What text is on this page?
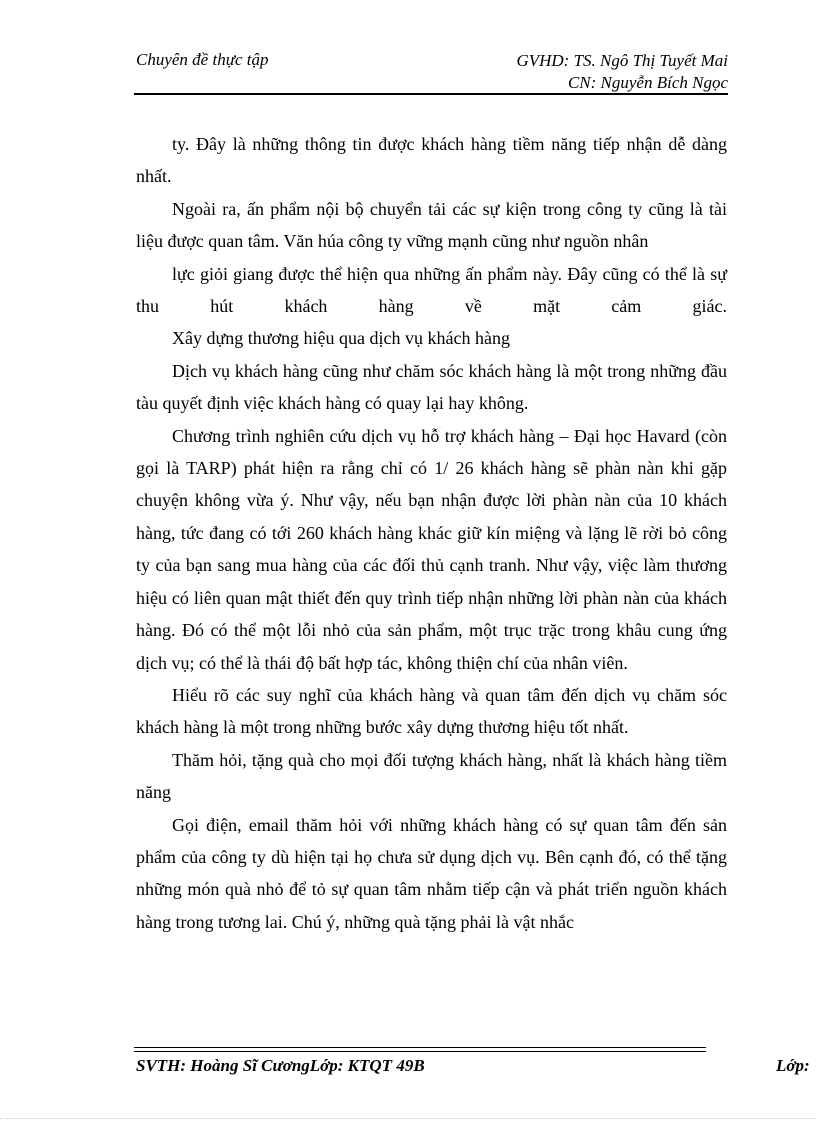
Chuyên đề thực tập	GVHD: TS. Ngô Thị Tuyết Mai
CN: Nguyễn Bích Ngọc

ty. Đây là những thông tin được khách hàng tiềm năng tiếp nhận dễ dàng nhất.

Ngoài ra, ấn phẩm nội bộ chuyển tải các sự kiện trong công ty cũng là tài liệu được quan tâm. Văn húa công ty vững mạnh cũng như nguồn nhân

lực giỏi giang được thể hiện qua những ấn phẩm này. Đây cũng có thể là sự thu hút khách hàng về mặt cảm giác.

Xây dựng thương hiệu qua dịch vụ khách hàng

Dịch vụ khách hàng cũng như chăm sóc khách hàng là một trong những đầu tàu quyết định việc khách hàng có quay lại hay không.

Chương trình nghiên cứu dịch vụ hỗ trợ khách hàng – Đại học Havard (còn gọi là TARP) phát hiện ra rằng chỉ có 1/ 26 khách hàng sẽ phàn nàn khi gặp chuyện không vừa ý. Như vậy, nếu bạn nhận được lời phàn nàn của 10 khách hàng, tức đang có tới 260 khách hàng khác giữ kín miệng và lặng lẽ rời bỏ công ty của bạn sang mua hàng của các đối thủ cạnh tranh. Như vậy, việc làm thương hiệu có liên quan mật thiết đến quy trình tiếp nhận những lời phàn nàn của khách hàng. Đó có thể một lỗi nhỏ của sản phẩm, một trục trặc trong khâu cung ứng dịch vụ; có thể là thái độ bất hợp tác, không thiện chí của nhân viên.

Hiểu rõ các suy nghĩ của khách hàng và quan tâm đến dịch vụ chăm sóc khách hàng là một trong những bước xây dựng thương hiệu tốt nhất.

Thăm hỏi, tặng quà cho mọi đối tượng khách hàng, nhất là khách hàng tiềm năng

Gọi điện, email thăm hỏi với những khách hàng có sự quan tâm đến sản phẩm của công ty dù hiện tại họ chưa sử dụng dịch vụ. Bên cạnh đó, có thể tặng những món quà nhỏ để tỏ sự quan tâm nhằm tiếp cận và phát triển nguồn khách hàng trong tương lai. Chú ý, những quà tặng phải là vật nhắc

SVTH: Hoàng Sĩ CươngLớp: KTQT 49B	Lớp:
